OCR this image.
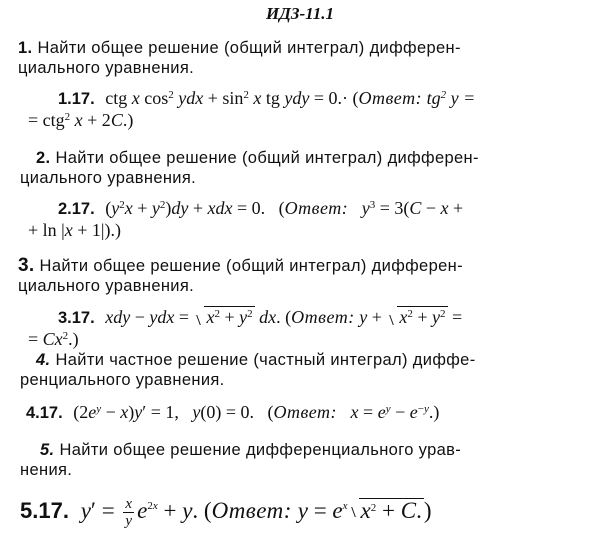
ИДЗ-11.1
1. Найти общее решение (общий интеграл) дифферен-
циального уравнения.
1.17. ctg x $\cos^2$ ydx + $\sin^2 x$ tg ydy = 0.· (Ответ: $tg^2$ y =
= ctg$^2$ x + 2C.)
2. Найти общее решение (общий интеграл) дифферен-
циального уравнения.
2.17. $(y^2x + y^2)dy$ + xdx = 0.   (Ответ: $y^3 = 3(C - x$ +
+ ln |x + 1|).)
3. Найти общее решение (общий интеграл) дифферен-
циального уравнения.
3.17. xdy − ydx = $x^2 + y^2$ dx. (Ответ: $y + x^2 + y^2$ =
= $Cx^2$.)
4. Найти частное решение (частный интеграл) диффе-
ренциального уравнения.
4.17. $(2e^y - x)y' = 1$,   y(0) = 0.   (Ответ: $x = e^y - e^{-y}$.)
5. Найти общее решение дифференциального урав-
нения.
5.17. $y' = \frac{x}{y} e^{2x} + y$. (Ответ: $y = e^x$ $x^2 + C$.)
